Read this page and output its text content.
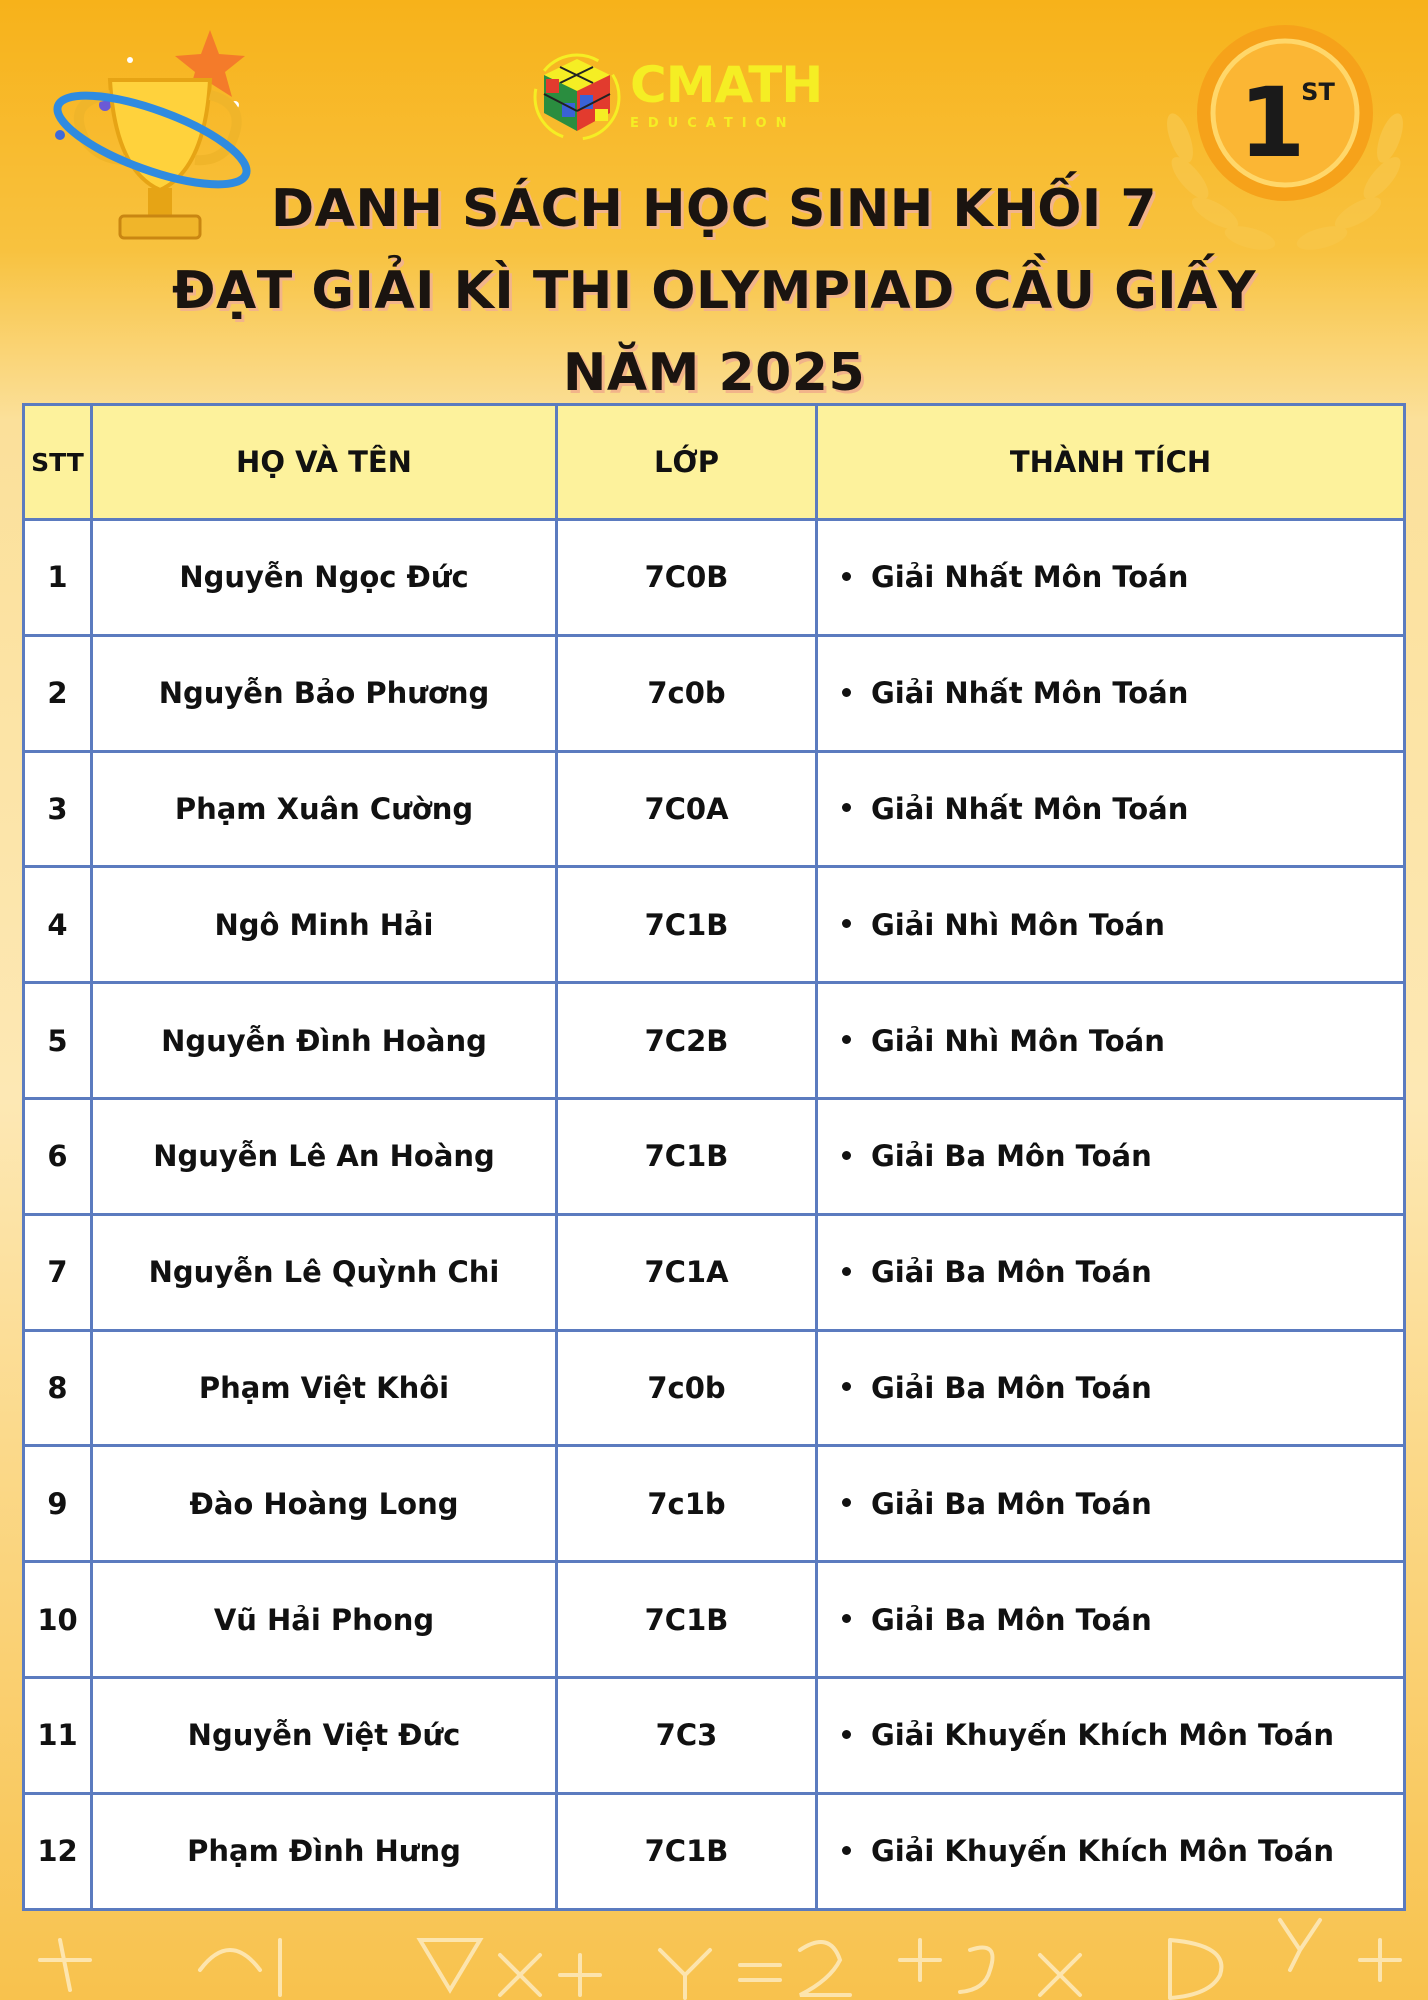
CMATH
EDUCATION	1
ST
DANH SÁCH HỌC SINH KHỐI 7
ĐẠT GIẢI KÌ THI OLYMPIAD CẦU GIẤY
NĂM 2025
STT	HỌ VÀ TÊN	LỚP	THÀNH TÍCH
1	Nguyễn Ngọc Đức	7C0B	Giải Nhất Môn Toán
2	Nguyễn Bảo Phương	7c0b	Giải Nhất Môn Toán
3	Phạm Xuân Cường	7C0A	Giải Nhất Môn Toán
4	Ngô Minh Hải	7C1B	Giải Nhì Môn Toán
5	Nguyễn Đình Hoàng	7C2B	Giải Nhì Môn Toán
6	Nguyễn Lê An Hoàng	7C1B	Giải Ba Môn Toán
7	Nguyễn Lê Quỳnh Chi	7C1A	Giải Ba Môn Toán
8	Phạm Việt Khôi	7c0b	Giải Ba Môn Toán
9	Đào Hoàng Long	7c1b	Giải Ba Môn Toán
10	Vũ Hải Phong	7C1B	Giải Ba Môn Toán
11	Nguyễn Việt Đức	7C3	Giải Khuyến Khích Môn Toán
12	Phạm Đình Hưng	7C1B	Giải Khuyến Khích Môn Toán
